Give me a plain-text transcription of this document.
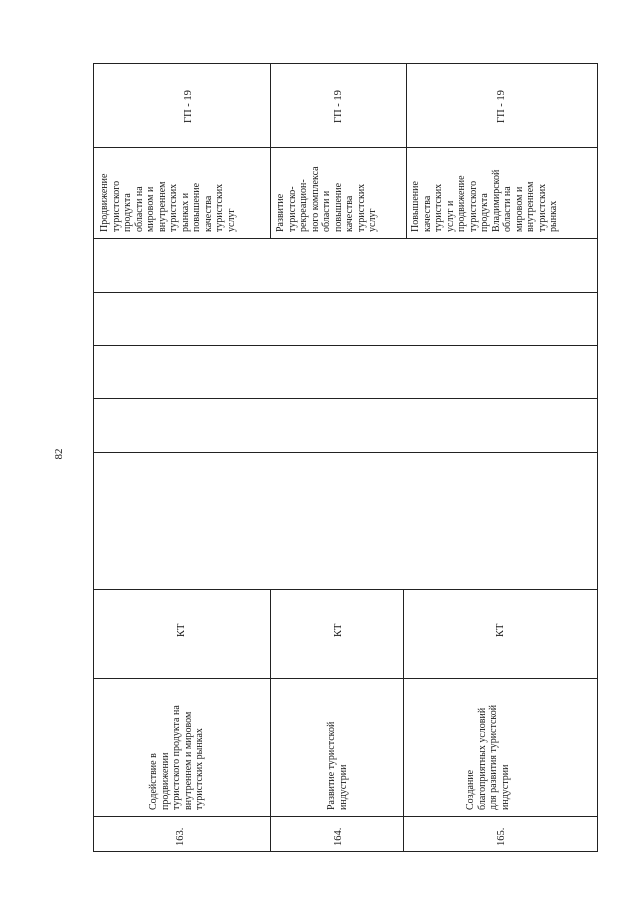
82
ГП - 19
Продвижение туристского продукта области на мировом и внутреннем туристских рынках и повышение качества туристских услуг
КТ
Содействие в продвижении туристского продукта на внутреннем и мировом туристских рынках
163.
ГП - 19
Развитие туристско- рекреацион- ного комплекса области и повышение качества туристских услуг
КТ
Развитие туристской индустрии
164.
ГП - 19
Повышение качества туристских услуг и продвижение туристского продукта Владимирской области на мировом и внутреннем туристских рынках
КТ
Создание благоприятных условий для развития туристской индустрии
165.
